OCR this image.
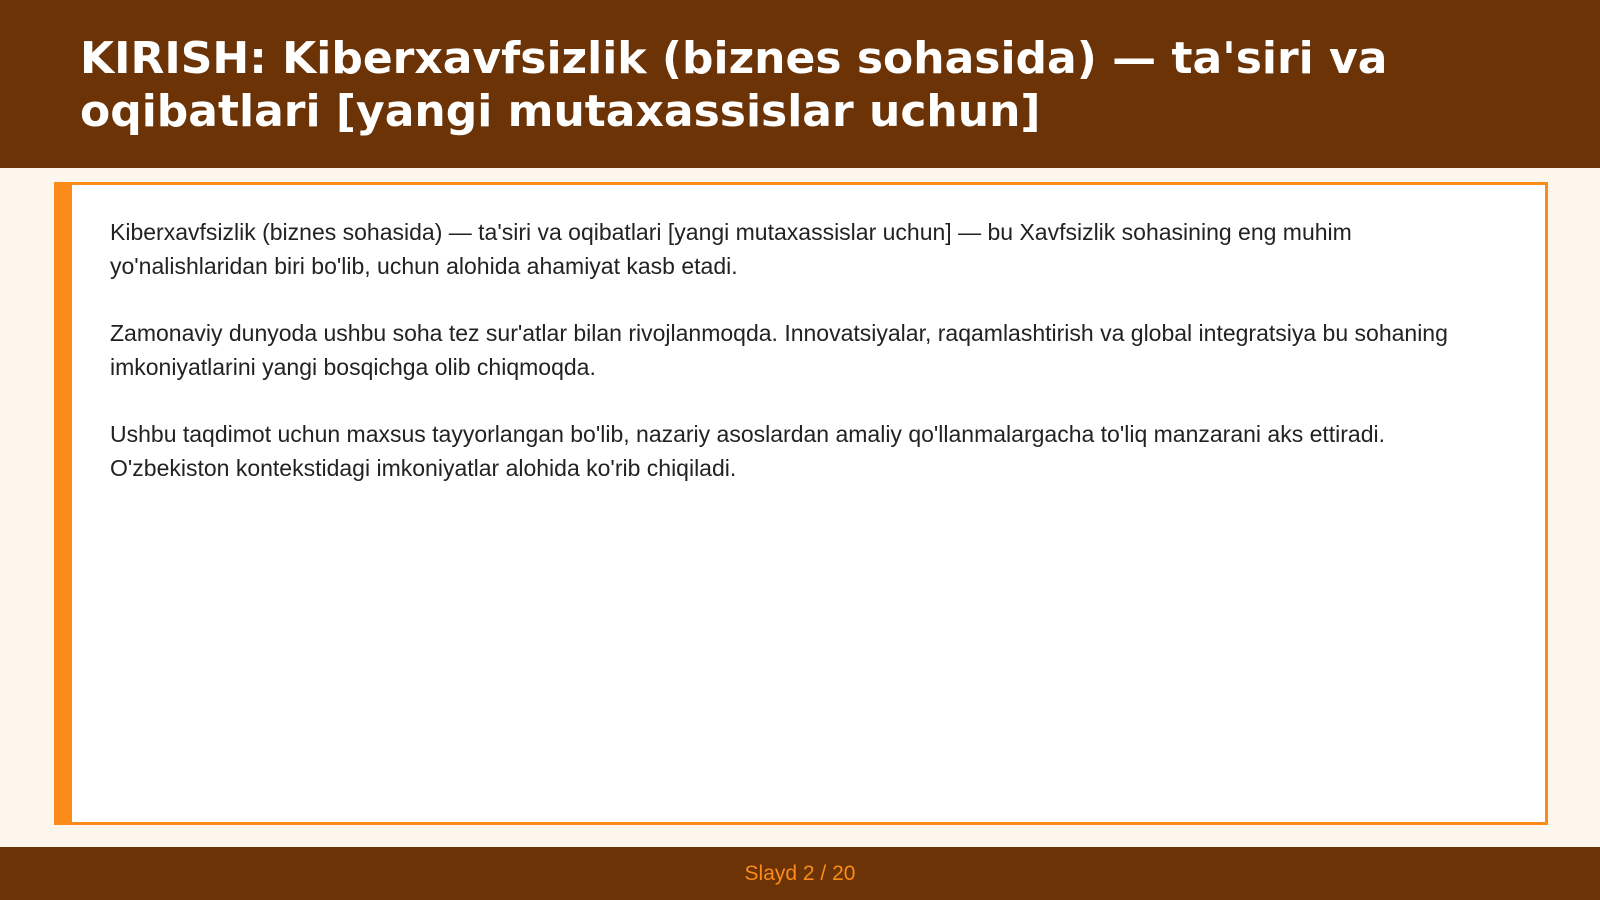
KIRISH: Kiberxavfsizlik (biznes sohasida) — ta'siri va oqibatlari [yangi mutaxassislar uchun]

Kiberxavfsizlik (biznes sohasida) — ta'siri va oqibatlari [yangi mutaxassislar uchun] — bu Xavfsizlik sohasining eng muhim yo'nalishlaridan biri bo'lib, uchun alohida ahamiyat kasb etadi.

Zamonaviy dunyoda ushbu soha tez sur'atlar bilan rivojlanmoqda. Innovatsiyalar, raqamlashtirish va global integratsiya bu sohaning imkoniyatlarini yangi bosqichga olib chiqmoqda.

Ushbu taqdimot uchun maxsus tayyorlangan bo'lib, nazariy asoslardan amaliy qo'llanmalargacha to'liq manzarani aks ettiradi. O'zbekiston kontekstidagi imkoniyatlar alohida ko'rib chiqiladi.

Slayd 2 / 20
